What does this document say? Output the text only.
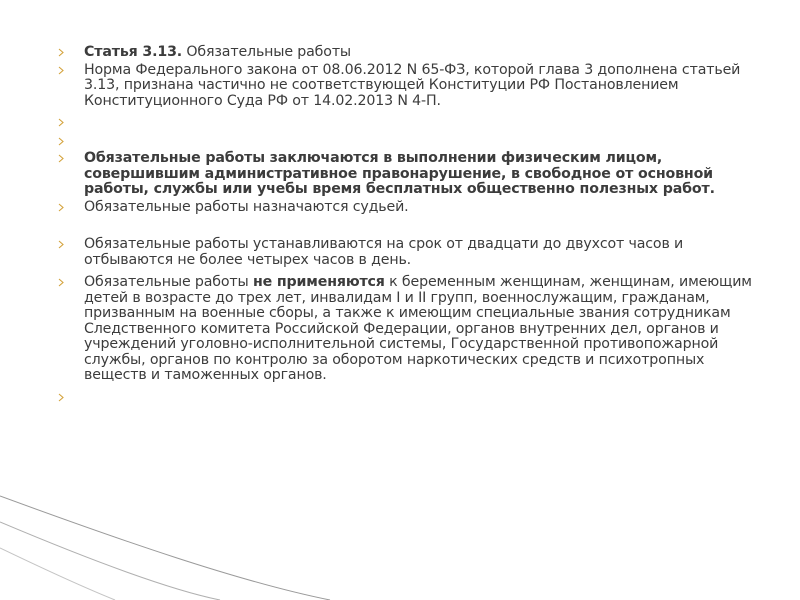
Статья 3.13. Обязательные работы
Норма Федерального закона от 08.06.2012 N 65-ФЗ, которой глава 3 дополнена статьей 3.13, признана частично не соответствующей Конституции РФ Постановлением Конституционного Суда РФ от 14.02.2013 N 4-П.
Обязательные работы заключаются в выполнении физическим лицом, совершившим административное правонарушение, в свободное от основной работы, службы или учебы время бесплатных общественно полезных работ.
Обязательные работы назначаются судьей.
Обязательные работы устанавливаются на срок от двадцати до двухсот часов и отбываются не более четырех часов в день.
Обязательные работы не применяются к беременным женщинам, женщинам, имеющим детей в возрасте до трех лет, инвалидам I и II групп, военнослужащим, гражданам, призванным на военные сборы, а также к имеющим специальные звания сотрудникам Следственного комитета Российской Федерации, органов внутренних дел, органов и учреждений уголовно-исполнительной системы, Государственной противопожарной службы, органов по контролю за оборотом наркотических средств и психотропных веществ и таможенных органов.
